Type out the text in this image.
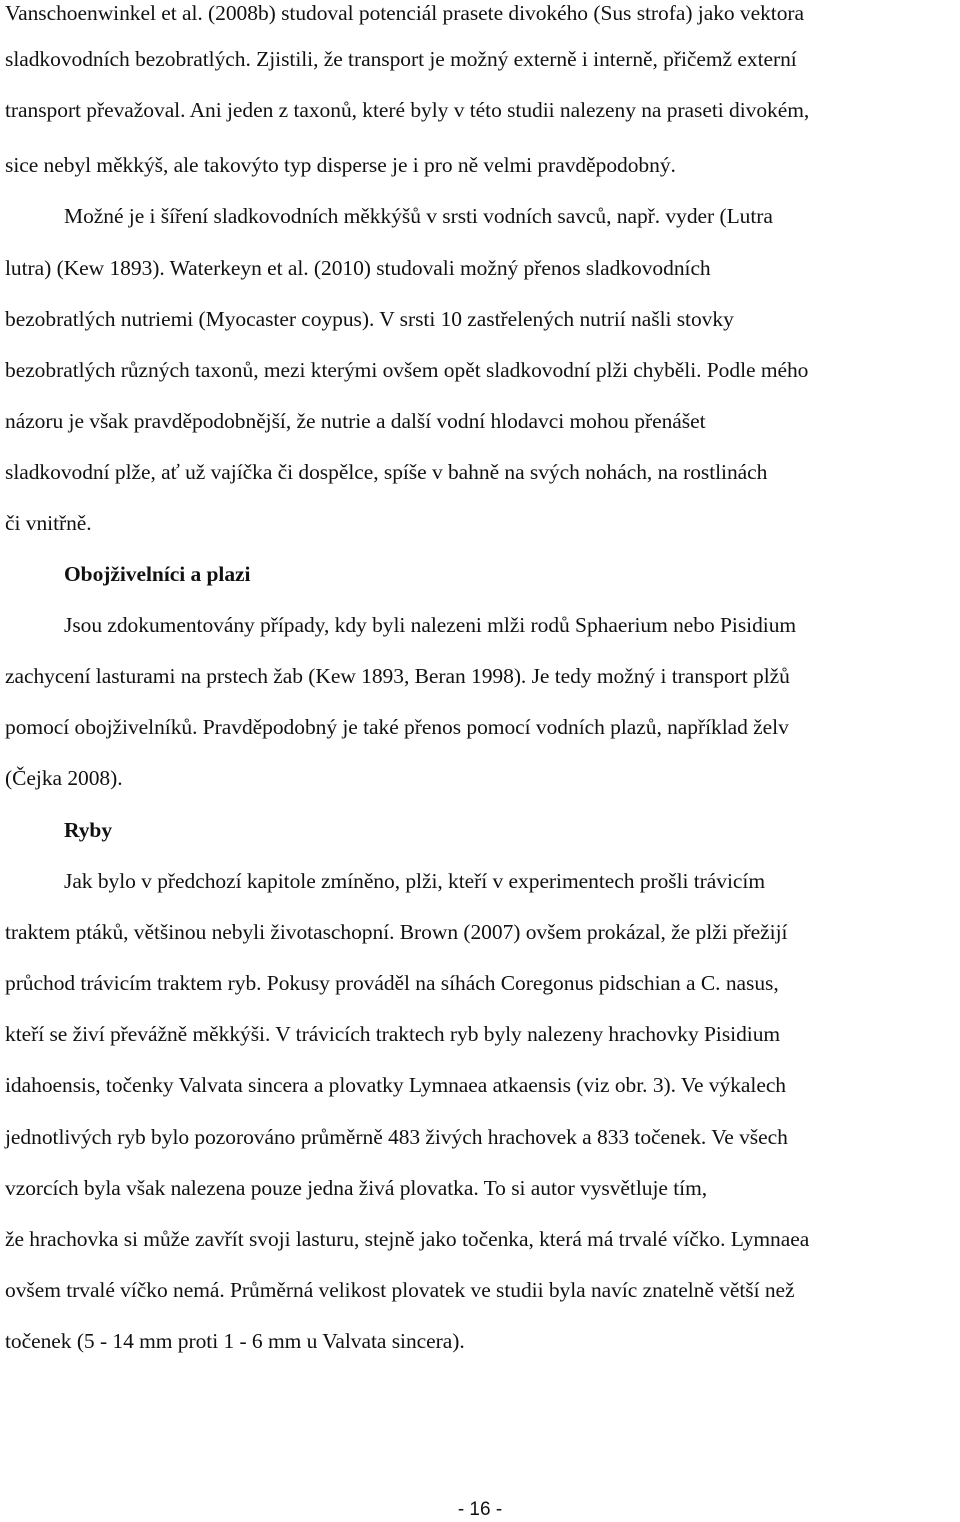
Vanschoenwinkel et al. (2008b) studoval potenciál prasete divokého (Sus strofa) jako vektora
sladkovodních bezobratlých. Zjistili, že transport je možný externě i interně, přičemž externí
transport převažoval. Ani jeden z taxonů, které byly v této studii nalezeny na praseti divokém,
sice nebyl měkkýš, ale takovýto typ disperse je i pro ně velmi pravděpodobný.
Možné je i šíření sladkovodních měkkýšů v srsti vodních savců, např. vyder (Lutra
lutra) (Kew 1893). Waterkeyn et al. (2010) studovali možný přenos sladkovodních
bezobratlých nutriemi (Myocaster coypus). V srsti 10 zastřelených nutrií našli stovky
bezobratlých různých taxonů, mezi kterými ovšem opět sladkovodní plži chyběli. Podle mého
názoru je však pravděpodobnější, že nutrie a další vodní hlodavci mohou přenášet
sladkovodní plže, ať už vajíčka či dospělce, spíše v bahně na svých nohách, na rostlinách
či vnitřně.
Obojživelníci a plazi
Jsou zdokumentovány případy, kdy byli nalezeni mlži rodů Sphaerium nebo Pisidium
zachycení lasturami na prstech žab (Kew 1893, Beran 1998). Je tedy možný i transport plžů
pomocí obojživelníků. Pravděpodobný je také přenos pomocí vodních plazů, například želv
(Čejka 2008).
Ryby
Jak bylo v předchozí kapitole zmíněno, plži, kteří v experimentech prošli trávicím
traktem ptáků, většinou nebyli životaschopní. Brown (2007) ovšem prokázal, že plži přežijí
průchod trávicím traktem ryb. Pokusy prováděl na síhách Coregonus pidschian a C. nasus,
kteří se živí převážně měkkýši. V trávicích traktech ryb byly nalezeny hrachovky Pisidium
idahoensis, točenky Valvata sincera a plovatky Lymnaea atkaensis (viz obr. 3). Ve výkalech
jednotlivých ryb bylo pozorováno průměrně 483 živých hrachovek a 833 točenek. Ve všech
vzorcích byla však nalezena pouze jedna živá plovatka. To si autor vysvětluje tím,
že hrachovka si může zavřít svoji lasturu, stejně jako točenka, která má trvalé víčko. Lymnaea
ovšem trvalé víčko nemá. Průměrná velikost plovatek ve studii byla navíc znatelně větší než
točenek (5 - 14 mm proti 1 - 6 mm u Valvata sincera).
- 16 -
